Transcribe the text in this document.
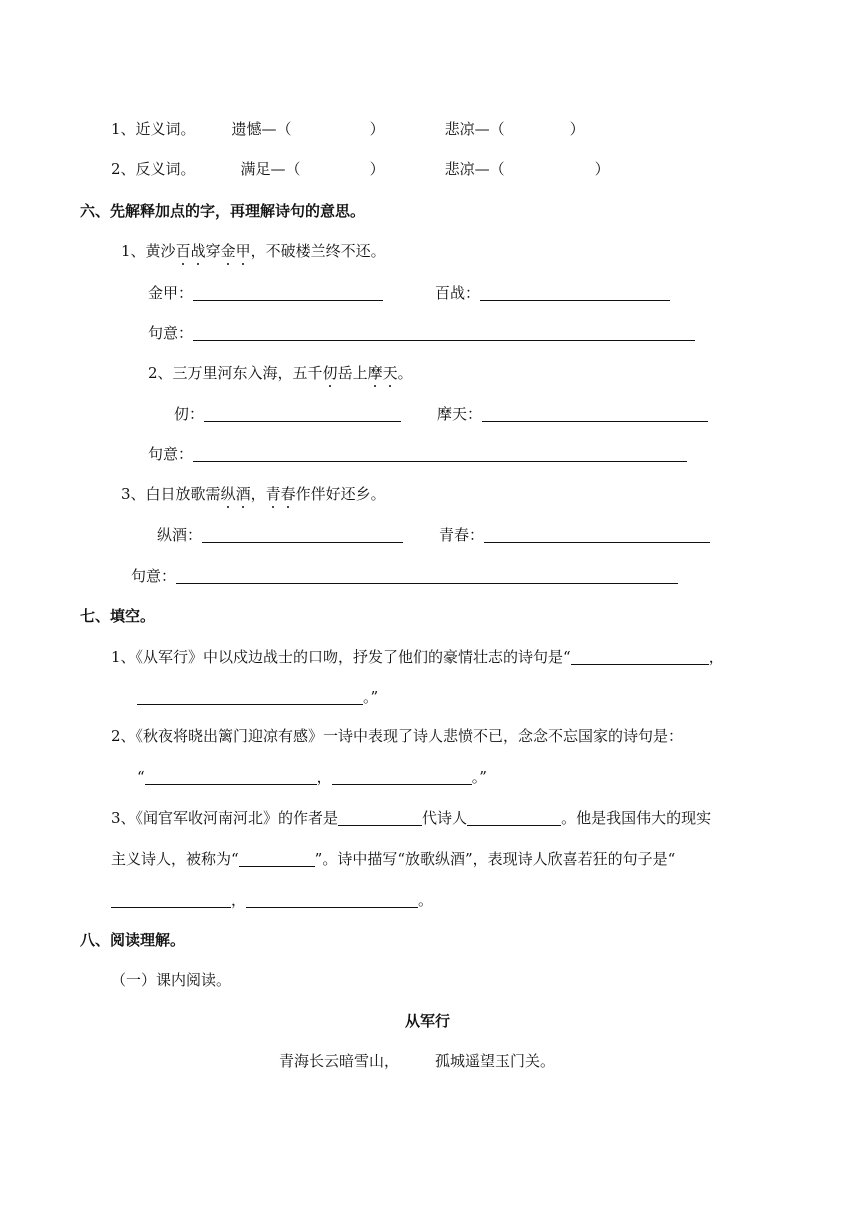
1、近义词。 遗憾—（	）	悲凉—（	）
2、反义词。	满足—（	）	悲凉—（	）
六、先解释加点的字，再理解诗句的意思。
1、 黄沙 百 战 穿 金 甲 ，不破楼兰终不还。
金甲：	百战：
句意：
2、 三万里河东入海，五千 仞 岳上 摩 天 。
仞：	摩天：
句意：
3、 白日放歌需 纵 酒 ， 青 春 作伴好还乡。
纵酒：	青春：
句意：
七、填空。
1、《从军行》中以戍边战士的口吻，抒发了他们的豪情壮志的诗句是“	，
。”
2、《秋夜将晓出篱门迎凉有感》一诗中表现了诗人悲愤不已，念念不忘国家的诗句是：
“	，	。”
3、《闻官军收河南河北》的作者是	代诗人	。他是我国伟大的现实
主义诗人，被称为“	”。诗中描写“放歌纵酒”，表现诗人欣喜若狂的句子是“
，	。
八、阅读理解。
（一）课内阅读。
从军行
青海长云暗雪山， 孤城遥望玉门关。
